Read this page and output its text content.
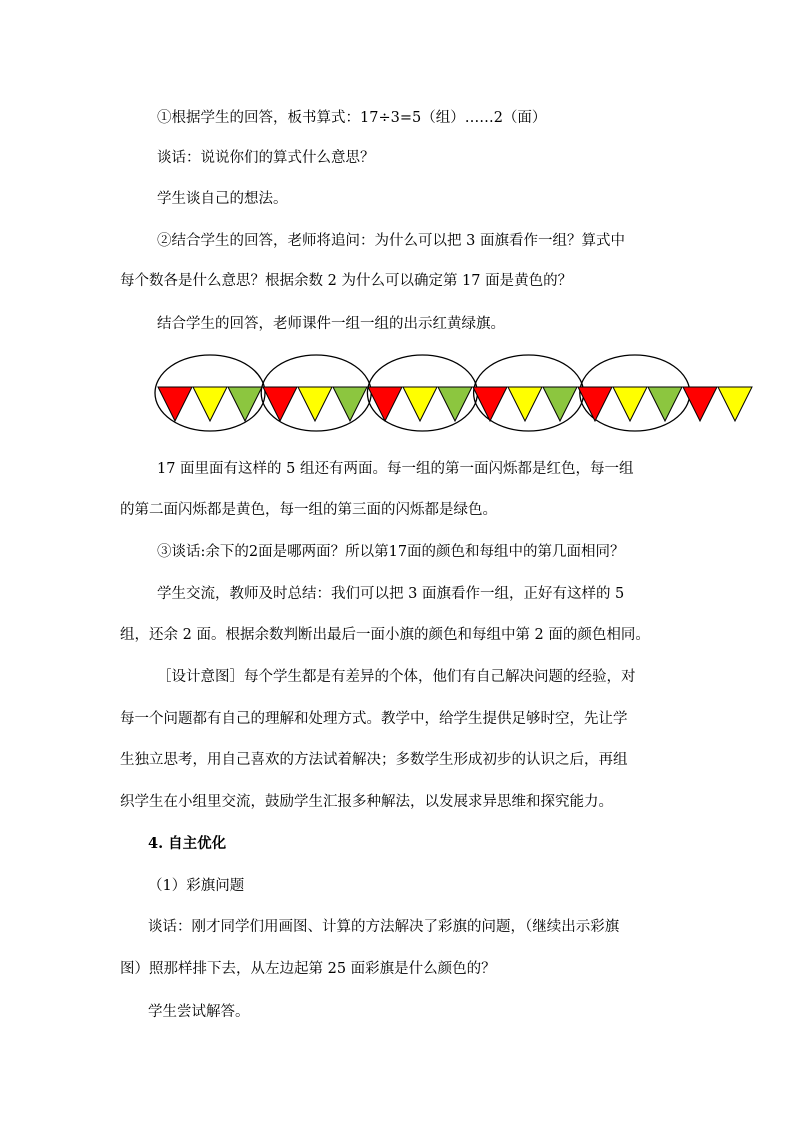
①根据学生的回答，板书算式：17÷3=5（组）……2（面）
谈话：说说你们的算式什么意思？
学生谈自己的想法。
②结合学生的回答，老师将追问：为什么可以把 3 面旗看作一组？算式中
每个数各是什么意思？根据余数 2 为什么可以确定第 17 面是黄色的？
结合学生的回答，老师课件一组一组的出示红黄绿旗。
17 面里面有这样的 5 组还有两面。每一组的第一面闪烁都是红色，每一组
的第二面闪烁都是黄色，每一组的第三面的闪烁都是绿色。
③谈话:余下的2面是哪两面？所以第17面的颜色和每组中的第几面相同？
学生交流，教师及时总结：我们可以把 3 面旗看作一组，正好有这样的 5
组，还余 2 面。根据余数判断出最后一面小旗的颜色和每组中第 2 面的颜色相同。
［设计意图］每个学生都是有差异的个体，他们有自己解决问题的经验，对
每一个问题都有自己的理解和处理方式。教学中，给学生提供足够时空，先让学
生独立思考，用自己喜欢的方法试着解决；多数学生形成初步的认识之后，再组
织学生在小组里交流，鼓励学生汇报多种解法，以发展求异思维和探究能力。
4. 自主优化
（1）彩旗问题
谈话：刚才同学们用画图、计算的方法解决了彩旗的问题，（继续出示彩旗
图）照那样排下去，从左边起第 25 面彩旗是什么颜色的？
学生尝试解答。
